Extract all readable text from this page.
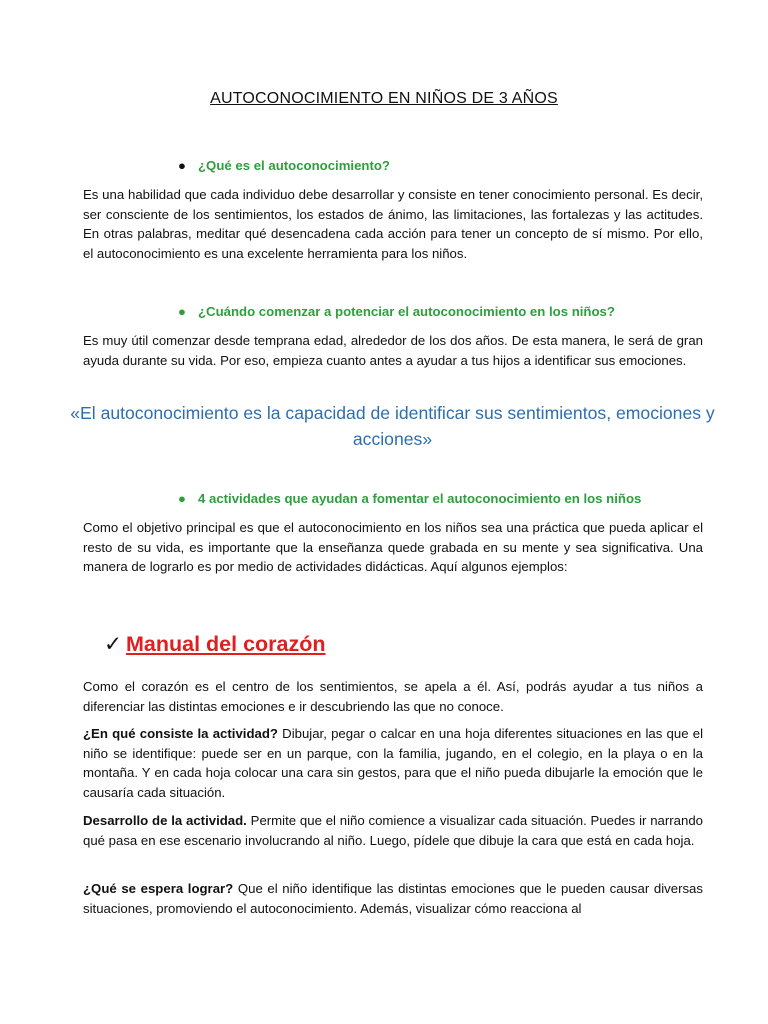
AUTOCONOCIMIENTO EN NIÑOS DE 3 AÑOS
● ¿Qué es el autoconocimiento?

Es una habilidad que cada individuo debe desarrollar y consiste en tener conocimiento personal. Es decir, ser consciente de los sentimientos, los estados de ánimo, las limitaciones, las fortalezas y las actitudes. En otras palabras, meditar qué desencadena cada acción para tener un concepto de sí mismo. Por ello, el autoconocimiento es una excelente herramienta para los niños.

● ¿Cuándo comenzar a potenciar el autoconocimiento en los niños?

Es muy útil comenzar desde temprana edad, alrededor de los dos años. De esta manera, le será de gran ayuda durante su vida. Por eso, empieza cuanto antes a ayudar a tus hijos a identificar sus emociones.

«El autoconocimiento es la capacidad de identificar sus sentimientos, emociones y acciones»
● 4 actividades que ayudan a fomentar el autoconocimiento en los niños

Como el objetivo principal es que el autoconocimiento en los niños sea una práctica que pueda aplicar el resto de su vida, es importante que la enseñanza quede grabada en su mente y sea significativa. Una manera de lograrlo es por medio de actividades didácticas. Aquí algunos ejemplos:

✓ Manual del corazón

Como el corazón es el centro de los sentimientos, se apela a él. Así, podrás ayudar a tus niños a diferenciar las distintas emociones e ir descubriendo las que no conoce.

¿En qué consiste la actividad? Dibujar, pegar o calcar en una hoja diferentes situaciones en las que el niño se identifique: puede ser en un parque, con la familia, jugando, en el colegio, en la playa o en la montaña. Y en cada hoja colocar una cara sin gestos, para que el niño pueda dibujarle la emoción que le causaría cada situación.

Desarrollo de la actividad. Permite que el niño comience a visualizar cada situación. Puedes ir narrando qué pasa en ese escenario involucrando al niño. Luego, pídele que dibuje la cara que está en cada hoja.

¿Qué se espera lograr? Que el niño identifique las distintas emociones que le pueden causar diversas situaciones, promoviendo el autoconocimiento. Además, visualizar cómo reacciona al
